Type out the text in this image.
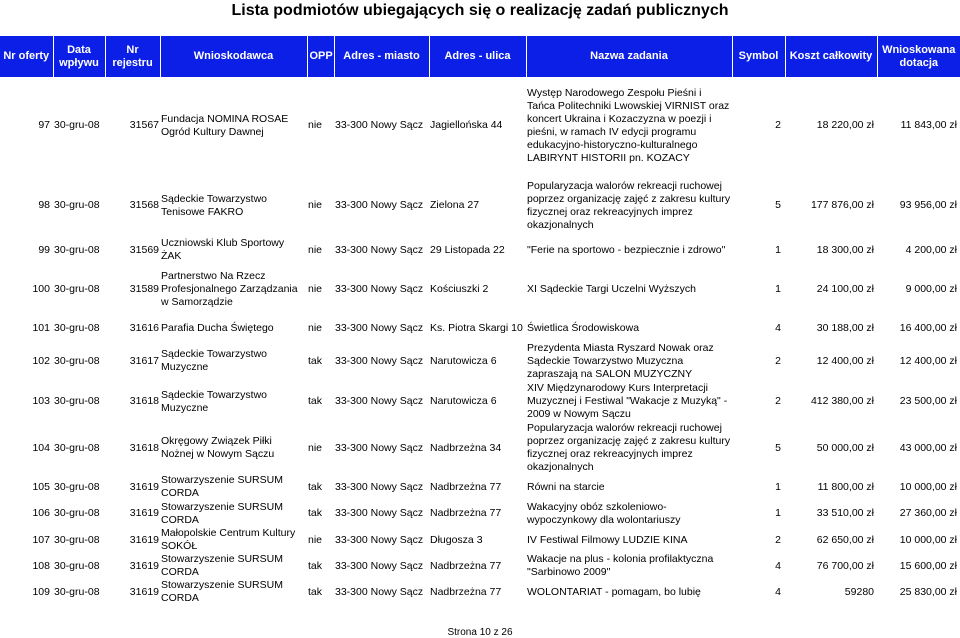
Lista podmiotów ubiegających się o realizację zadań publicznych
Nr oferty	Data wpływu	Nr rejestru	Wnioskodawca	OPP	Adres - miasto	Adres - ulica	Nazwa zadania	Symbol	Koszt całkowity	Wnioskowana dotacja
97	30-gru-08	31567	Fundacja NOMINA ROSAE Ogród Kultury Dawnej	nie	33-300 Nowy Sącz	Jagiellońska 44	Występ Narodowego Zespołu Pieśni i Tańca Politechniki Lwowskiej VIRNIST oraz koncert Ukraina i Kozaczyzna w poezji i pieśni, w ramach IV edycji programu edukacyjno-historyczno-kulturalnego LABIRYNT HISTORII pn. KOZACY	2	18 220,00 zł	11 843,00 zł
98	30-gru-08	31568	Sądeckie Towarzystwo Tenisowe FAKRO	nie	33-300 Nowy Sącz	Zielona 27	Popularyzacja walorów rekreacji ruchowej poprzez organizację zajęć z zakresu kultury fizycznej oraz rekreacyjnych imprez okazjonalnych	5	177 876,00 zł	93 956,00 zł
99	30-gru-08	31569	Uczniowski Klub Sportowy ŻAK	nie	33-300 Nowy Sącz	29 Listopada 22	"Ferie na sportowo - bezpiecznie i zdrowo"	1	18 300,00 zł	4 200,00 zł
100	30-gru-08	31589	Partnerstwo Na Rzecz Profesjonalnego Zarządzania w Samorządzie	nie	33-300 Nowy Sącz	Kościuszki 2	XI Sądeckie Targi Uczelni Wyższych	1	24 100,00 zł	9 000,00 zł
101	30-gru-08	31616	Parafia Ducha Świętego	nie	33-300 Nowy Sącz	Ks. Piotra Skargi 10	Świetlica Środowiskowa	4	30 188,00 zł	16 400,00 zł
102	30-gru-08	31617	Sądeckie Towarzystwo Muzyczne	tak	33-300 Nowy Sącz	Narutowicza 6	Prezydenta Miasta Ryszard Nowak oraz Sądeckie Towarzystwo Muzyczna zapraszają na SALON MUZYCZNY	2	12 400,00 zł	12 400,00 zł
103	30-gru-08	31618	Sądeckie Towarzystwo Muzyczne	tak	33-300 Nowy Sącz	Narutowicza 6	XIV Międzynarodowy Kurs Interpretacji Muzycznej i Festiwal "Wakacje z Muzyką" - 2009 w Nowym Sączu	2	412 380,00 zł	23 500,00 zł
104	30-gru-08	31618	Okręgowy Związek Piłki Nożnej w Nowym Sączu	nie	33-300 Nowy Sącz	Nadbrzeżna 34	Popularyzacja walorów rekreacji ruchowej poprzez organizację zajęć z zakresu kultury fizycznej oraz rekreacyjnych imprez okazjonalnych	5	50 000,00 zł	43 000,00 zł
105	30-gru-08	31619	Stowarzyszenie SURSUM CORDA	tak	33-300 Nowy Sącz	Nadbrzeżna 77	Równi na starcie	1	11 800,00 zł	10 000,00 zł
106	30-gru-08	31619	Stowarzyszenie SURSUM CORDA	tak	33-300 Nowy Sącz	Nadbrzeżna 77	Wakacyjny obóz szkoleniowo-wypoczynkowy dla wolontariuszy	1	33 510,00 zł	27 360,00 zł
107	30-gru-08	31619	Małopolskie Centrum Kultury SOKÓŁ	nie	33-300 Nowy Sącz	Długosza 3	IV Festiwal Filmowy LUDZIE KINA	2	62 650,00 zł	10 000,00 zł
108	30-gru-08	31619	Stowarzyszenie SURSUM CORDA	tak	33-300 Nowy Sącz	Nadbrzeżna 77	Wakacje na plus - kolonia profilaktyczna "Sarbinowo 2009"	4	76 700,00 zł	15 600,00 zł
109	30-gru-08	31619	Stowarzyszenie SURSUM CORDA	tak	33-300 Nowy Sącz	Nadbrzeżna 77	WOLONTARIAT - pomagam, bo lubię	4	59280	25 830,00 zł
Strona 10 z 26
